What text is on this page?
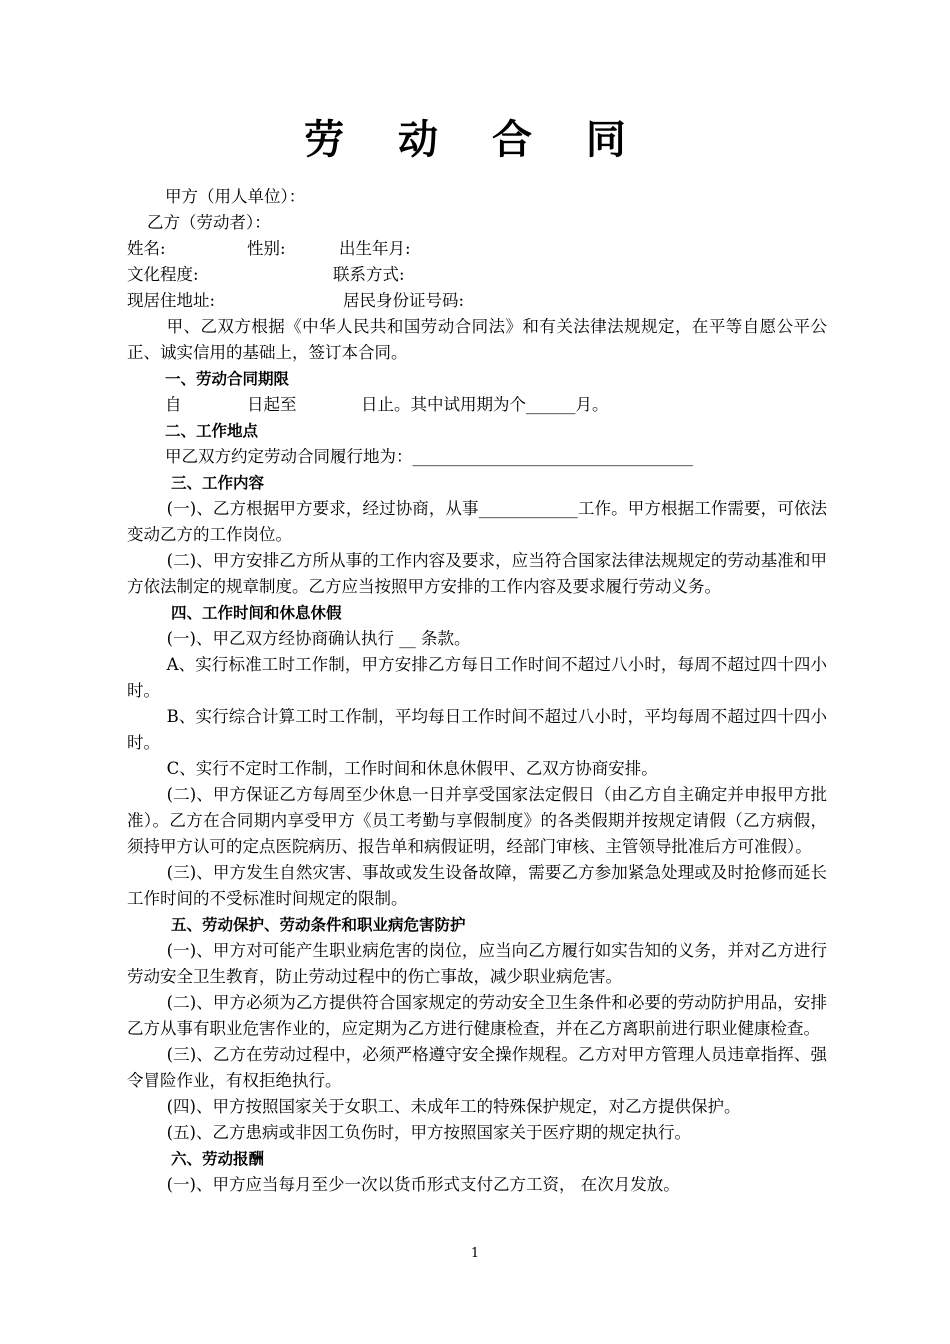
劳 动 合 同
甲方（用人单位）：
乙方（劳动者）：
姓名:	性别:	出生年月:
文化程度:	联系方式:
现居住地址:	居民身份证号码:
甲、乙双方根据《中华人民共和国劳动合同法》和有关法律法规规定，在平等自愿公平公正、诚实信用的基础上，签订本合同。
一、劳动合同期限
自	日起至	日止。其中试用期为个______月。
二、工作地点
甲乙双方约定劳动合同履行地为：__________________________________
三、工作内容
(一)、乙方根据甲方要求，经过协商，从事____________工作。甲方根据工作需要，可依法变动乙方的工作岗位。
(二)、甲方安排乙方所从事的工作内容及要求，应当符合国家法律法规规定的劳动基准和甲方依法制定的规章制度。乙方应当按照甲方安排的工作内容及要求履行劳动义务。
四、工作时间和休息休假
(一)、甲乙双方经协商确认执行 __ 条款。
A、实行标准工时工作制，甲方安排乙方每日工作时间不超过八小时，每周不超过四十四小时。
B、实行综合计算工时工作制，平均每日工作时间不超过八小时，平均每周不超过四十四小时。
C、实行不定时工作制，工作时间和休息休假甲、乙双方协商安排。
(二)、甲方保证乙方每周至少休息一日并享受国家法定假日（由乙方自主确定并申报甲方批准）。乙方在合同期内享受甲方《员工考勤与享假制度》的各类假期并按规定请假（乙方病假，须持甲方认可的定点医院病历、报告单和病假证明，经部门审核、主管领导批准后方可准假）。
(三)、甲方发生自然灾害、事故或发生设备故障，需要乙方参加紧急处理或及时抢修而延长工作时间的不受标准时间规定的限制。
五、劳动保护、劳动条件和职业病危害防护
(一)、甲方对可能产生职业病危害的岗位，应当向乙方履行如实告知的义务，并对乙方进行劳动安全卫生教育，防止劳动过程中的伤亡事故，减少职业病危害。
(二)、甲方必须为乙方提供符合国家规定的劳动安全卫生条件和必要的劳动防护用品，安排乙方从事有职业危害作业的，应定期为乙方进行健康检查，并在乙方离职前进行职业健康检查。
(三)、乙方在劳动过程中，必须严格遵守安全操作规程。乙方对甲方管理人员违章指挥、强令冒险作业，有权拒绝执行。
(四)、甲方按照国家关于女职工、未成年工的特殊保护规定，对乙方提供保护。
(五)、乙方患病或非因工负伤时，甲方按照国家关于医疗期的规定执行。
六、劳动报酬
(一)、甲方应当每月至少一次以货币形式支付乙方工资， 在次月发放。
1
